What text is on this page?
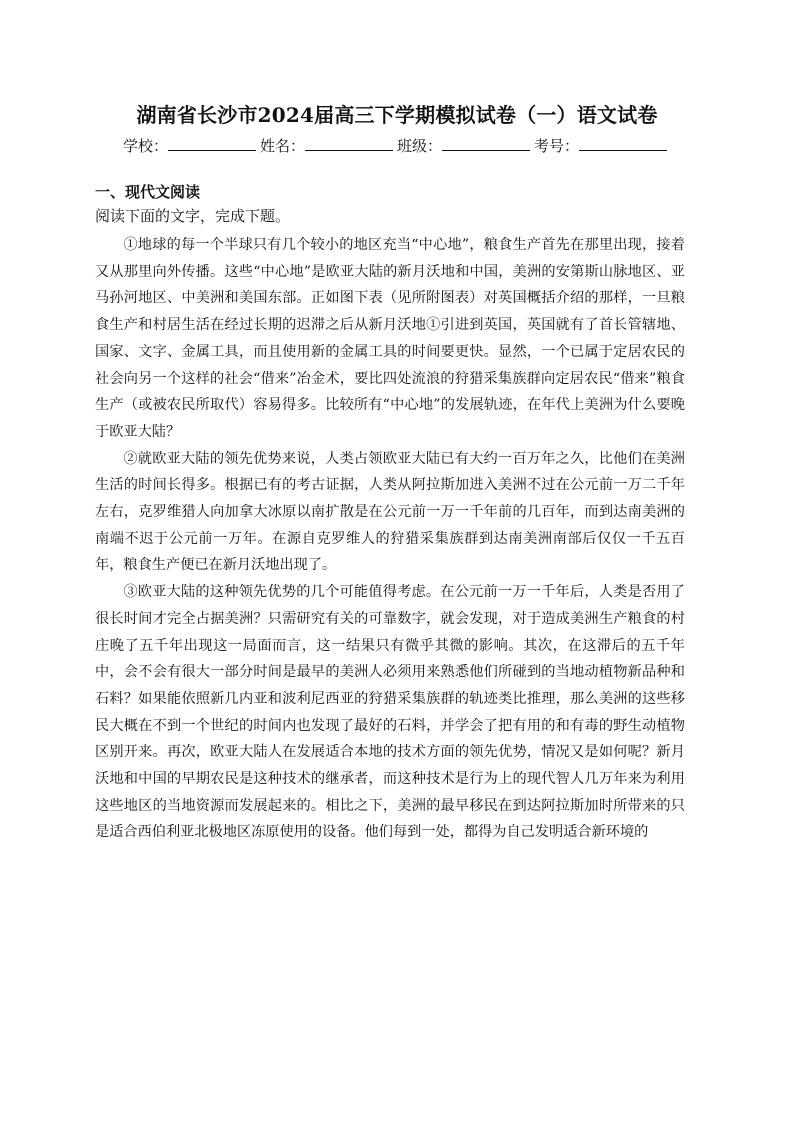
湖南省长沙市2024届高三下学期模拟试卷（一）语文试卷
学校：	姓名：	班级：	考号：
一、现代文阅读
阅读下面的文字，完成下题。

①地球的每一个半球只有几个较小的地区充当“中心地”，粮食生产首先在那里出现，接着又从那里向外传播。这些“中心地”是欧亚大陆的新月沃地和中国，美洲的安第斯山脉地区、亚马孙河地区、中美洲和美国东部。正如图下表（见所附图表）对英国概括介绍的那样，一旦粮食生产和村居生活在经过长期的迟滞之后从新月沃地①引进到英国，英国就有了首长管辖地、国家、文字、金属工具，而且使用新的金属工具的时间要更快。显然，一个已属于定居农民的社会向另一个这样的社会“借来”冶金术，要比四处流浪的狩猎采集族群向定居农民“借来”粮食生产（或被农民所取代）容易得多。比较所有“中心地”的发展轨迹，在年代上美洲为什么要晚于欧亚大陆？

②就欧亚大陆的领先优势来说，人类占领欧亚大陆已有大约一百万年之久，比他们在美洲生活的时间长得多。根据已有的考古证据，人类从阿拉斯加进入美洲不过在公元前一万二千年左右，克罗维猎人向加拿大冰原以南扩散是在公元前一万一千年前的几百年，而到达南美洲的南端不迟于公元前一万年。在源自克罗维人的狩猎采集族群到达南美洲南部后仅仅一千五百年，粮食生产便已在新月沃地出现了。

③欧亚大陆的这种领先优势的几个可能值得考虑。在公元前一万一千年后，人类是否用了很长时间才完全占据美洲？只需研究有关的可靠数字，就会发现，对于造成美洲生产粮食的村庄晚了五千年出现这一局面而言，这一结果只有微乎其微的影响。其次，在这滞后的五千年中，会不会有很大一部分时间是最早的美洲人必须用来熟悉他们所碰到的当地动植物新品种和石料？如果能依照新几内亚和波利尼西亚的狩猎采集族群的轨迹类比推理，那么美洲的这些移民大概在不到一个世纪的时间内也发现了最好的石料，并学会了把有用的和有毒的野生动植物区别开来。再次，欧亚大陆人在发展适合本地的技术方面的领先优势，情况又是如何呢？新月沃地和中国的早期农民是这种技术的继承者，而这种技术是行为上的现代智人几万年来为利用这些地区的当地资源而发展起来的。相比之下，美洲的最早移民在到达阿拉斯加时所带来的只是适合西伯利亚北极地区冻原使用的设备。他们每到一处，都得为自己发明适合新环境的
